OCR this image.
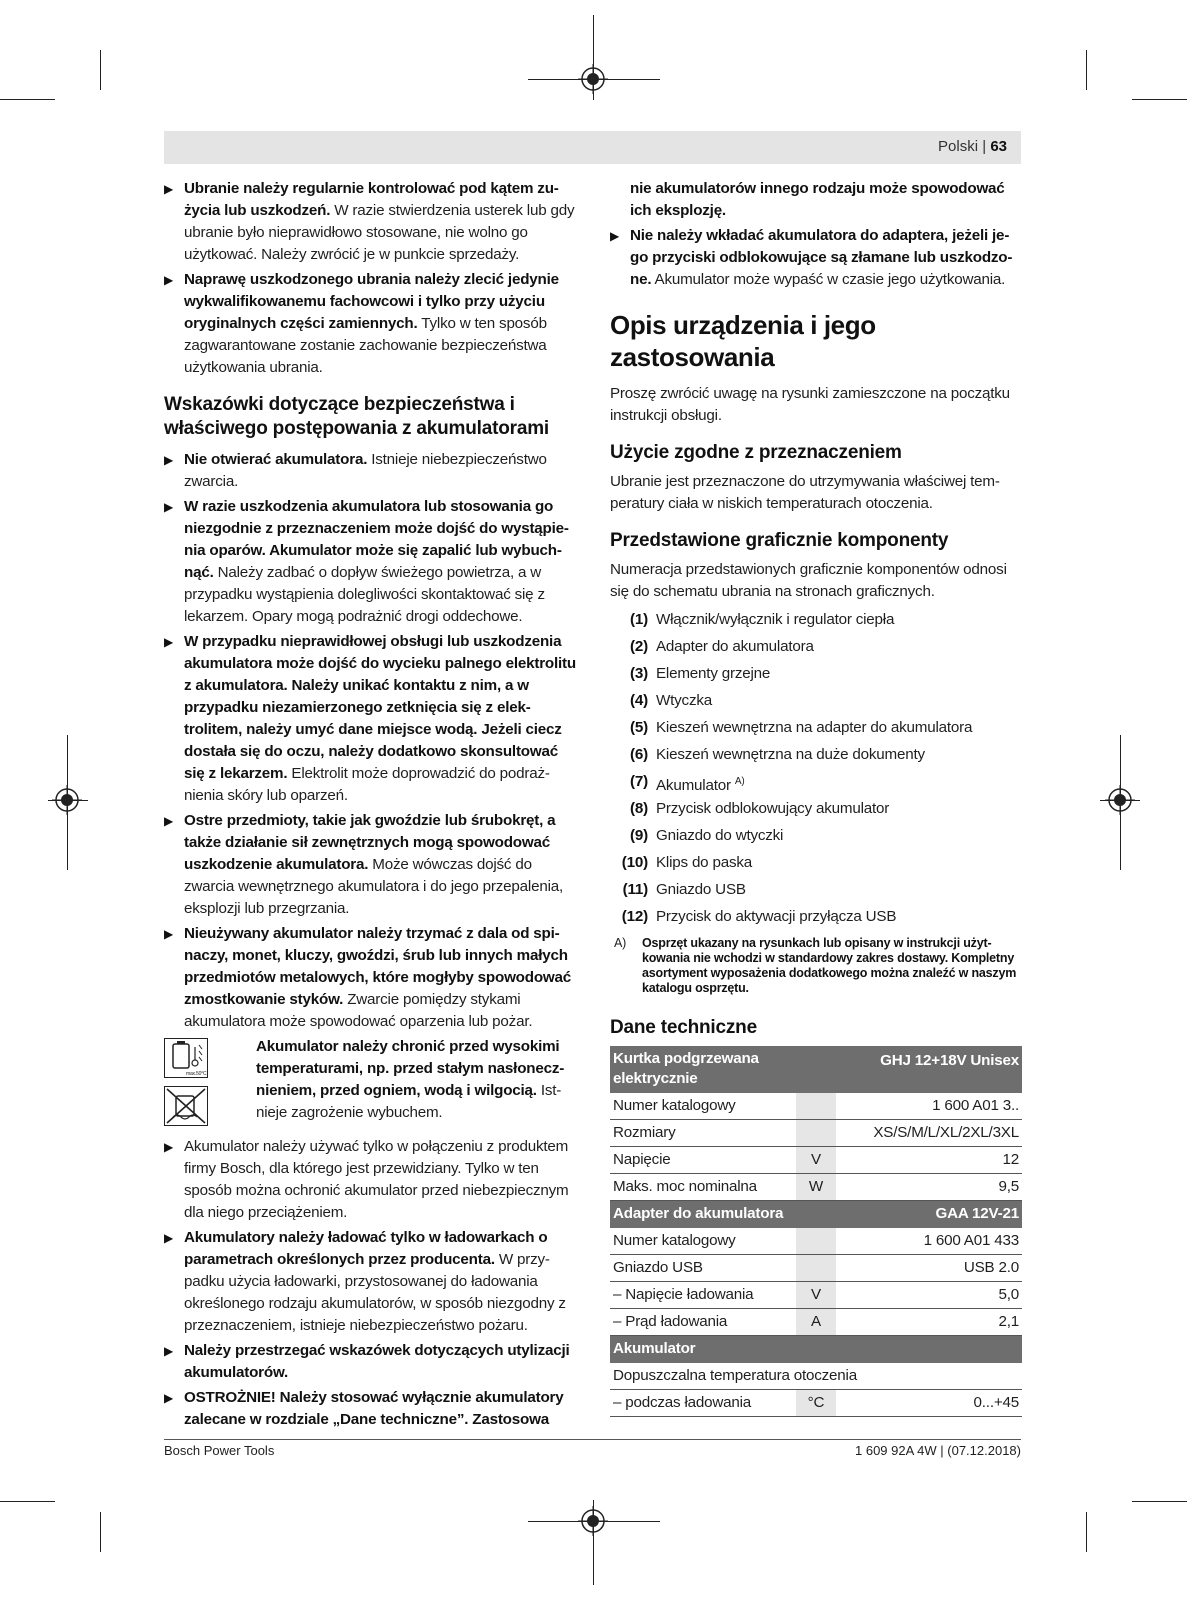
Polski | 63
▶ Ubranie należy regularnie kontrolować pod kątem zużycia lub uszkodzeń. W razie stwierdzenia usterek lub gdy ubranie było nieprawidłowo stosowane, nie wolno go użytkować. Należy zwrócić je w punkcie sprzedaży.
▶ Naprawę uszkodzonego ubrania należy zlecić jedynie wykwalifikowanemu fachowcowi i tylko przy użyciu oryginalnych części zamiennych. Tylko w ten sposób zagwarantowane zostanie zachowanie bezpieczeństwa użytkowania ubrania.
Wskazówki dotyczące bezpieczeństwa i właściwego postępowania z akumulatorami
▶ Nie otwierać akumulatora. Istnieje niebezpieczeństwo zwarcia.
▶ W razie uszkodzenia akumulatora lub stosowania go niezgodnie z przeznaczeniem może dojść do wystąpienia oparów. Akumulator może się zapalić lub wybuchnąć. Należy zadbać o dopływ świeżego powietrza, a w przypadku wystąpienia dolegliwości skontaktować się z lekarzem. Opary mogą podrażnić drogi oddechowe.
▶ W przypadku nieprawidłowej obsługi lub uszkodzenia akumulatora może dojść do wycieku palnego elektrolitu z akumulatora. Należy unikać kontaktu z nim, a w przypadku niezamierzonego zetknięcia się z elektrolitem, należy umyć dane miejsce wodą. Jeżeli ciecz dostała się do oczu, należy dodatkowo skonsultować się z lekarzem. Elektrolit może doprowadzić do podrażnienia skóry lub oparzeń.
▶ Ostre przedmioty, takie jak gwoździe lub śrubokręt, a także działanie sił zewnętrznych mogą spowodować uszkodzenie akumulatora. Może wówczas dojść do zwarcia wewnętrznego akumulatora i do jego przepalenia, eksplozji lub przegrzania.
▶ Nieużywany akumulator należy trzymać z dala od spinaczy, monet, kluczy, gwoździ, śrub lub innych małych przedmiotów metalowych, które mogłyby spowodować zmostkowanie styków. Zwarcie pomiędzy stykami akumulatora może spowodować oparzenia lub pożar.
max.50°C
Akumulator należy chronić przed wysokimi temperaturami, np. przed stałym nasłonecznieniem, przed ogniem, wodą i wilgocią. Istnieje zagrożenie wybuchem.
▶ Akumulator należy używać tylko w połączeniu z produktem firmy Bosch, dla którego jest przewidziany. Tylko w ten sposób można ochronić akumulator przed niebezpiecznym dla niego przeciążeniem.
▶ Akumulatory należy ładować tylko w ładowarkach o parametrach określonych przez producenta. W przypadku użycia ładowarki, przystosowanej do ładowania określonego rodzaju akumulatorów, w sposób niezgodny z przeznaczeniem, istnieje niebezpieczeństwo pożaru.
▶ Należy przestrzegać wskazówek dotyczących utylizacji akumulatorów.
▶ OSTROŻNIE! Należy stosować wyłącznie akumulatory zalecane w rozdziale „Dane techniczne”. Zastosowa
nie akumulatorów innego rodzaju może spowodować ich eksplozję.
▶ Nie należy wkładać akumulatora do adaptera, jeżeli jego przyciski odblokowujące są złamane lub uszkodzone. Akumulator może wypaść w czasie jego użytkowania.
Opis urządzenia i jego zastosowania

Proszę zwrócić uwagę na rysunki zamieszczone na początku instrukcji obsługi.

Użycie zgodne z przeznaczeniem

Ubranie jest przeznaczone do utrzymywania właściwej temperatury ciała w niskich temperaturach otoczenia.

Przedstawione graficznie komponenty

Numeracja przedstawionych graficznie komponentów odnosi się do schematu ubrania na stronach graficznych.

(1) Włącznik/wyłącznik i regulator ciepła
(2) Adapter do akumulatora
(3) Elementy grzejne
(4) Wtyczka
(5) Kieszeń wewnętrzna na adapter do akumulatora
(6) Kieszeń wewnętrzna na duże dokumenty
(7) Akumulator $^{A)}$
(8) Przycisk odblokowujący akumulator
(9) Gniazdo do wtyczki
(10) Klips do paska
(11) Gniazdo USB
(12) Przycisk do aktywacji przyłącza USB
A) Osprzęt ukazany na rysunkach lub opisany w instrukcji użytkowania nie wchodzi w standardowy zakres dostawy. Kompletny asortyment wyposażenia dodatkowego można znaleźć w naszym katalogu osprzętu.
Dane techniczne
Kurtka podgrzewana elektrycznie		GHJ 12+18V Unisex
Numer katalogowy		1 600 A01 3..
Rozmiary		XS/S/M/L/XL/2XL/3XL
Napięcie	V	12
Maks. moc nominalna	W	9,5
Adapter do akumulatora		GAA 12V-21
Numer katalogowy		1 600 A01 433
Gniazdo USB		USB 2.0
– Napięcie ładowania	V	5,0
– Prąd ładowania	A	2,1
Akumulator		
Dopuszczalna temperatura otoczenia		
– podczas ładowania	°C	0...+45
Bosch Power Tools	1 609 92A 4W | (07.12.2018)
